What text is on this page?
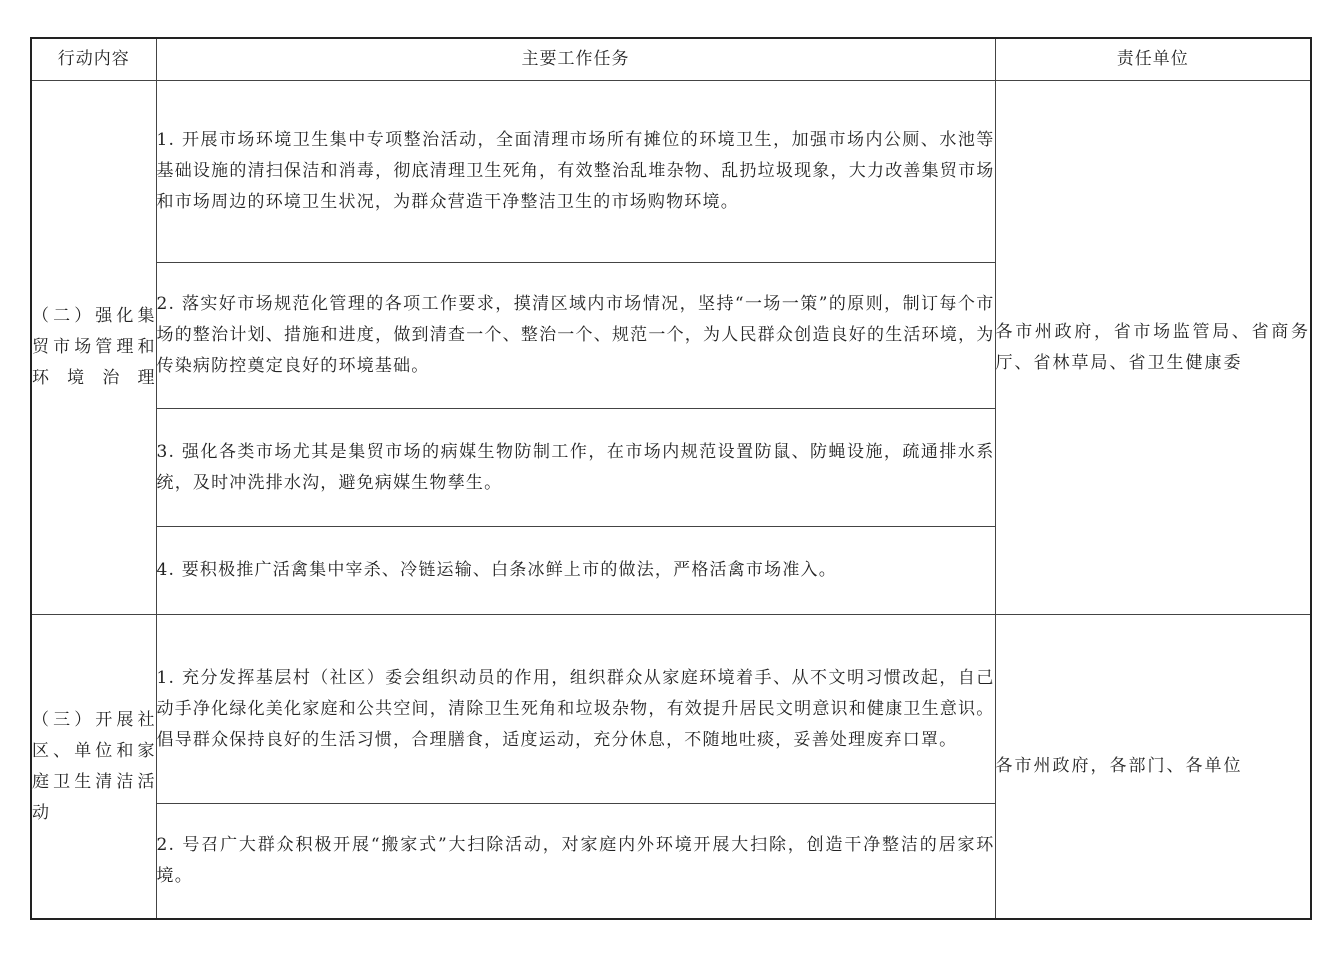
行动内容	主要工作任务	责任单位

（二）强化集贸市场管理和环境治理	1. 开展市场环境卫生集中专项整治活动，全面清理市场所有摊位的环境卫生，加强市场内公厕、水池等基础设施的清扫保洁和消毒，彻底清理卫生死角，有效整治乱堆杂物、乱扔垃圾现象，大力改善集贸市场和市场周边的环境卫生状况，为群众营造干净整洁卫生的市场购物环境。	各市州政府，省市场监管局、省商务厅、省林草局、省卫生健康委
	2. 落实好市场规范化管理的各项工作要求，摸清区域内市场情况，坚持“一场一策”的原则，制订每个市场的整治计划、措施和进度，做到清查一个、整治一个、规范一个，为人民群众创造良好的生活环境，为传染病防控奠定良好的环境基础。	
	3. 强化各类市场尤其是集贸市场的病媒生物防制工作，在市场内规范设置防鼠、防蝇设施，疏通排水系统，及时冲洗排水沟，避免病媒生物孳生。	
	4. 要积极推广活禽集中宰杀、冷链运输、白条冰鲜上市的做法，严格活禽市场准入。	

（三）开展社区、单位和家庭卫生清洁活动	1. 充分发挥基层村（社区）委会组织动员的作用，组织群众从家庭环境着手、从不文明习惯改起，自己动手净化绿化美化家庭和公共空间，清除卫生死角和垃圾杂物，有效提升居民文明意识和健康卫生意识。倡导群众保持良好的生活习惯，合理膳食，适度运动，充分休息，不随地吐痰，妥善处理废弃口罩。	各市州政府，各部门、各单位
	2. 号召广大群众积极开展“搬家式”大扫除活动，对家庭内外环境开展大扫除，创造干净整洁的居家环境。	
